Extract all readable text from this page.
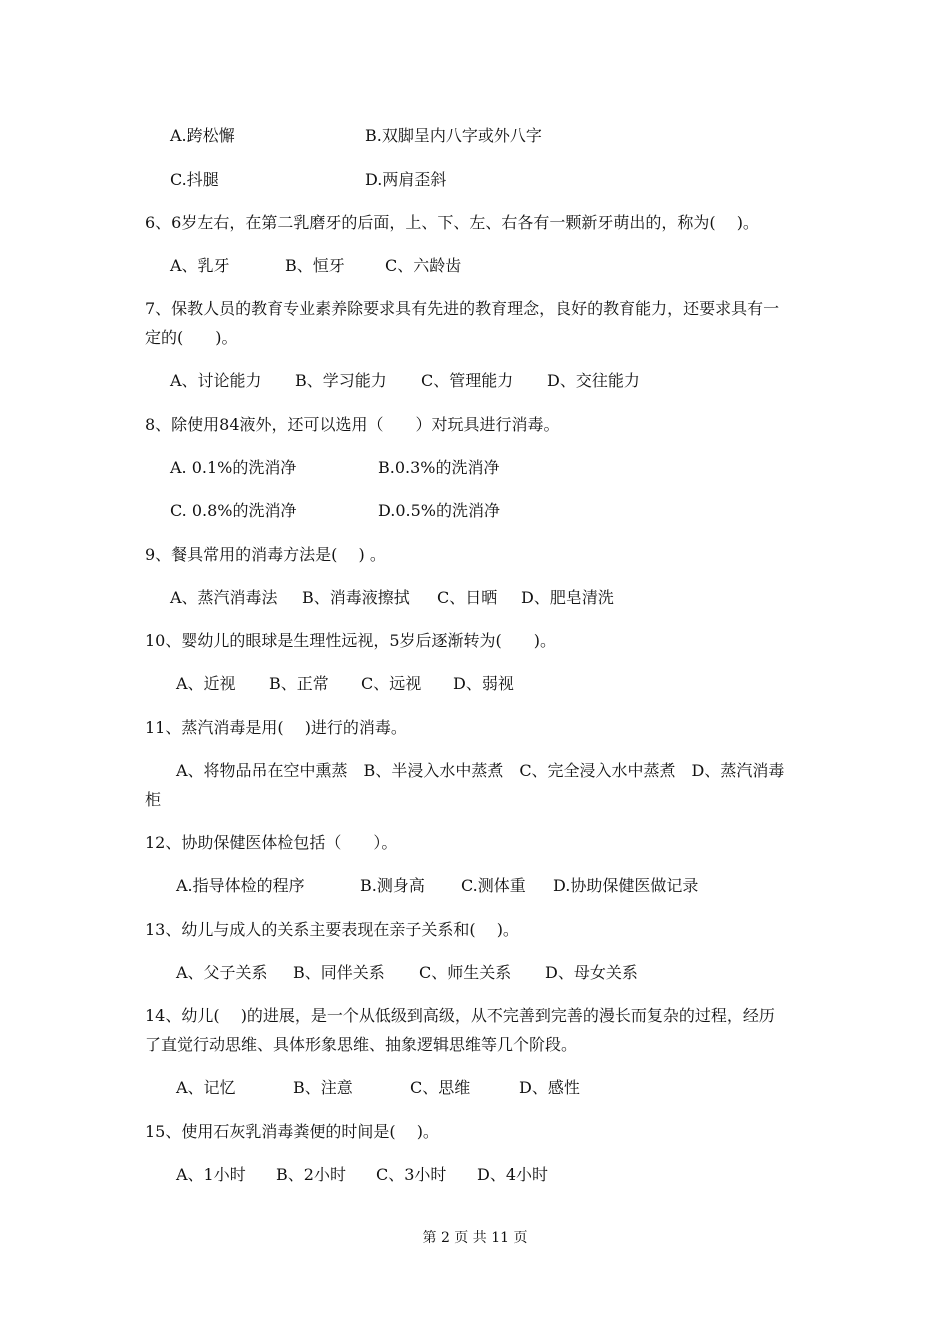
A.跨松懈	B.双脚呈内八字或外八字
C.抖腿	D.两肩歪斜
6、6岁左右，在第二乳磨牙的后面，上、下、左、右各有一颗新牙萌出的，称为(　 )。
A、乳牙	B、恒牙	C、六龄齿
7、保教人员的教育专业素养除要求具有先进的教育理念，良好的教育能力，还要求具有一
定的(　　)。
A、讨论能力 B、学习能力 C、管理能力 D、交往能力
8、除使用84液外，还可以选用（　　）对玩具进行消毒。
A. 0.1%的洗消净	B.0.3%的洗消净
C. 0.8%的洗消净	D.0.5%的洗消净
9、餐具常用的消毒方法是(　 ) 。
A、蒸汽消毒法 B、消毒液擦拭 C、日晒 D、肥皂清洗
10、婴幼儿的眼球是生理性远视，5岁后逐渐转为(　　)。
A、近视 B、正常 C、远视 D、弱视
11、蒸汽消毒是用(　 )进行的消毒。
A、将物品吊在空中熏蒸　B、半浸入水中蒸煮　C、完全浸入水中蒸煮　D、蒸汽消毒
柜
12、协助保健医体检包括（　　）。
A.指导体检的程序	B.测身高 C.测体重 D.协助保健医做记录
13、幼儿与成人的关系主要表现在亲子关系和(　 )。
A、父子关系 B、同伴关系 C、师生关系 D、母女关系
14、幼儿(　 )的进展，是一个从低级到高级，从不完善到完善的漫长而复杂的过程，经历
了直觉行动思维、具体形象思维、抽象逻辑思维等几个阶段。
A、记忆	B、注意	C、思维	D、感性
15、使用石灰乳消毒粪便的时间是(　 )。
A、1小时 B、2小时 C、3小时 D、4小时
第 2 页 共 11 页
